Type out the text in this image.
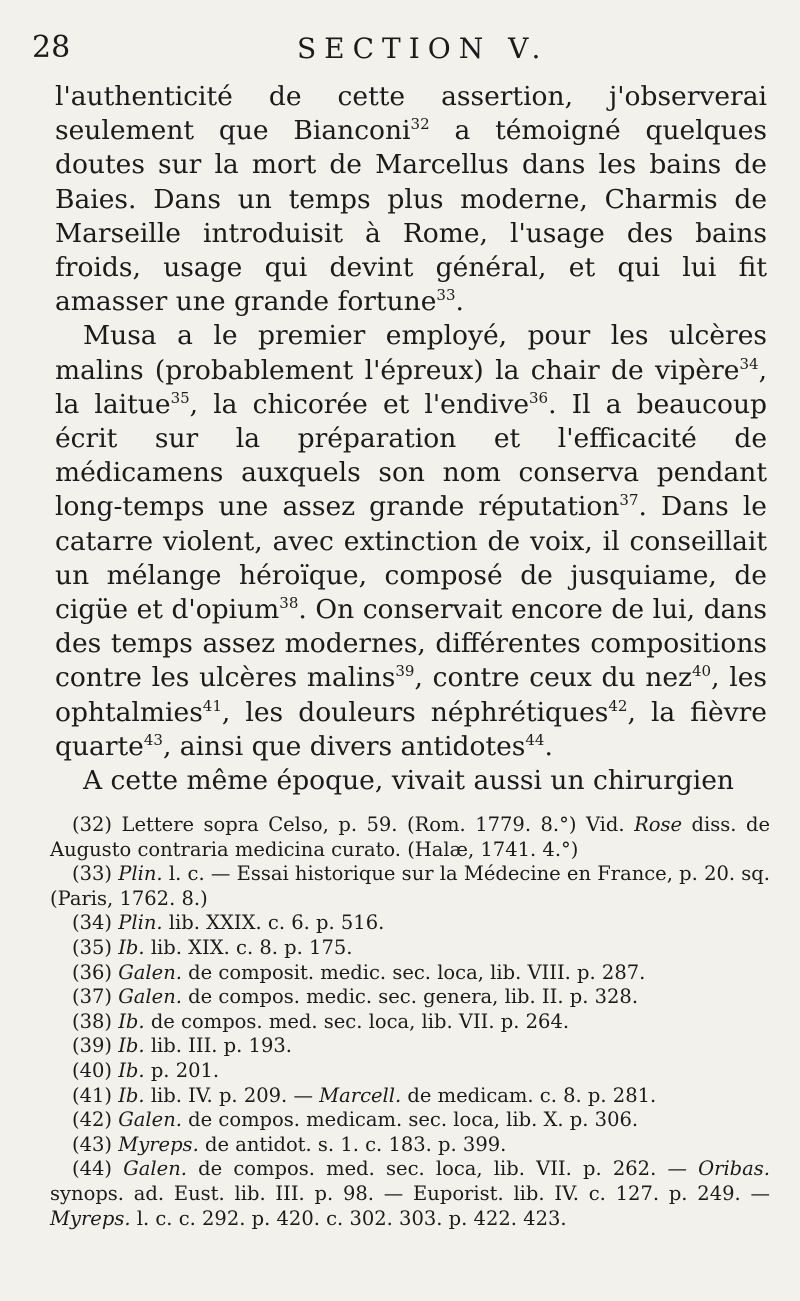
28	SECTION V.

l'authenticité de cette assertion, j'observerai seulement que Bianconi$^{32}$ a témoigné quelques doutes sur la mort de Marcellus dans les bains de Baies. Dans un temps plus moderne, Charmis de Marseille introduisit à Rome, l'usage des bains froids, usage qui devint général, et qui lui fit amasser une grande fortune$^{33}$.

Musa a le premier employé, pour les ulcères malins (probablement l'épreux) la chair de vipère$^{34}$, la laitue$^{35}$, la chicorée et l'endive$^{36}$. Il a beaucoup écrit sur la préparation et l'efficacité de médicamens auxquels son nom conserva pendant long-temps une assez grande réputation$^{37}$. Dans le catarre violent, avec extinction de voix, il conseillait un mélange héroïque, composé de jusquiame, de cigüe et d'opium$^{38}$. On conservait encore de lui, dans des temps assez modernes, différentes compositions contre les ulcères malins$^{39}$, contre ceux du nez$^{40}$, les ophtalmies$^{41}$, les douleurs néphrétiques$^{42}$, la fièvre quarte$^{43}$, ainsi que divers antidotes$^{44}$.

A cette même époque, vivait aussi un chirurgien

(32) Lettere sopra Celso, p. 59. (Rom. 1779. 8.°) Vid. Rose diss. de Augusto contraria medicina curato. (Halæ, 1741. 4.°)

(33) Plin. l. c. — Essai historique sur la Médecine en France, p. 20. sq. (Paris, 1762. 8.)

(34) Plin. lib. XXIX. c. 6. p. 516.

(35) Ib. lib. XIX. c. 8. p. 175.

(36) Galen. de composit. medic. sec. loca, lib. VIII. p. 287.

(37) Galen. de compos. medic. sec. genera, lib. II. p. 328.

(38) Ib. de compos. med. sec. loca, lib. VII. p. 264.

(39) Ib. lib. III. p. 193.

(40) Ib. p. 201.

(41) Ib. lib. IV. p. 209. — Marcell. de medicam. c. 8. p. 281.

(42) Galen. de compos. medicam. sec. loca, lib. X. p. 306.

(43) Myreps. de antidot. s. 1. c. 183. p. 399.

(44) Galen. de compos. med. sec. loca, lib. VII. p. 262. — Oribas. synops. ad. Eust. lib. III. p. 98. — Euporist. lib. IV. c. 127. p. 249. — Myreps. l. c. c. 292. p. 420. c. 302. 303. p. 422. 423.
